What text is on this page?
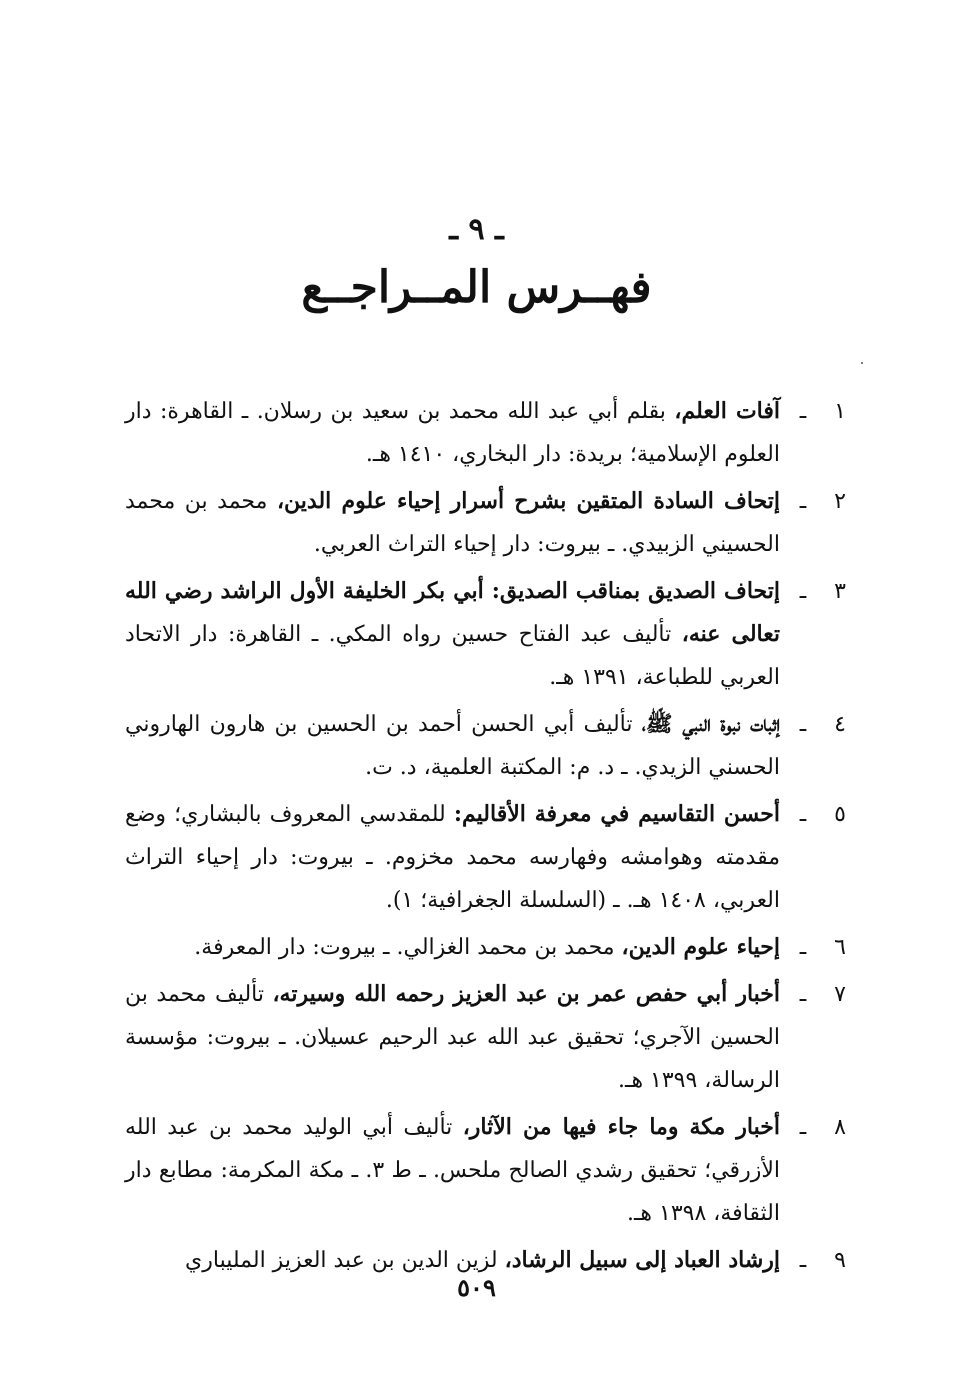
ـ ٩ ـ
فهــرس المــراجــع
١
ـ
آفات العلم، بقلم أبي عبد الله محمد بن سعيد بن رسلان. ـ القاهرة: دار العلوم الإسلامية؛ بريدة: دار البخاري، ١٤١٠ هـ.
٢
ـ
إتحاف السادة المتقين بشرح أسرار إحياء علوم الدين، محمد بن محمد الحسيني الزبيدي. ـ بيروت: دار إحياء التراث العربي.
٣
ـ
إتحاف الصديق بمناقب الصديق: أبي بكر الخليفة الأول الراشد رضي الله تعالى عنه، تأليف عبد الفتاح حسين رواه المكي. ـ القاهرة: دار الاتحاد العربي للطباعة، ١٣٩١ هـ.
٤
ـ
إثبات نبوة النبي ﷺ، تأليف أبي الحسن أحمد بن الحسين بن هارون الهاروني الحسني الزيدي. ـ د. م: المكتبة العلمية، د. ت.
٥
ـ
أحسن التقاسيم في معرفة الأقاليم: للمقدسي المعروف بالبشاري؛ وضع مقدمته وهوامشه وفهارسه محمد مخزوم. ـ بيروت: دار إحياء التراث العربي، ١٤٠٨ هـ. ـ (السلسلة الجغرافية؛ ١).
٦
ـ
إحياء علوم الدين، محمد بن محمد الغزالي. ـ بيروت: دار المعرفة.
٧
ـ
أخبار أبي حفص عمر بن عبد العزيز رحمه الله وسيرته، تأليف محمد بن الحسين الآجري؛ تحقيق عبد الله عبد الرحيم عسيلان. ـ بيروت: مؤسسة الرسالة، ١٣٩٩ هـ.
٨
ـ
أخبار مكة وما جاء فيها من الآثار، تأليف أبي الوليد محمد بن عبد الله الأزرقي؛ تحقيق رشدي الصالح ملحس. ـ ط ٣. ـ مكة المكرمة: مطابع دار الثقافة، ١٣٩٨ هـ.
٩
ـ
إرشاد العباد إلى سبيل الرشاد، لزين الدين بن عبد العزيز المليباري
٥٠٩
